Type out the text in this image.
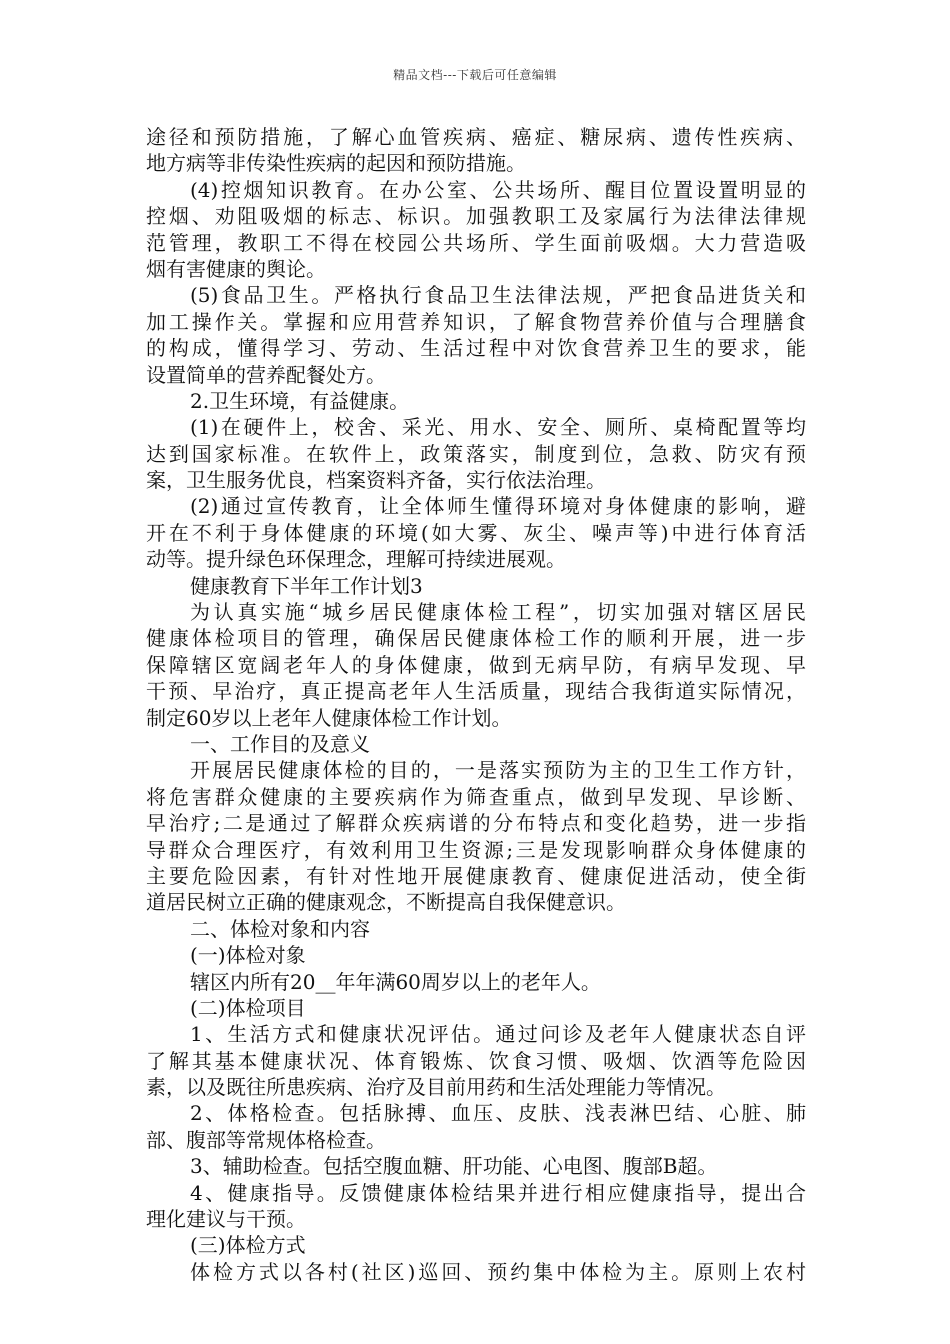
精品文档---下载后可任意编辑
途径和预防措施，了解心血管疾病、癌症、糖尿病、遗传性疾病、
地方病等非传染性疾病的起因和预防措施。
(4)控烟知识教育。在办公室、公共场所、醒目位置设置明显的
控烟、劝阻吸烟的标志、标识。加强教职工及家属行为法律法律规
范管理，教职工不得在校园公共场所、学生面前吸烟。大力营造吸
烟有害健康的舆论。
(5)食品卫生。严格执行食品卫生法律法规，严把食品进货关和
加工操作关。掌握和应用营养知识，了解食物营养价值与合理膳食
的构成，懂得学习、劳动、生活过程中对饮食营养卫生的要求，能
设置简单的营养配餐处方。
2.卫生环境，有益健康。
(1)在硬件上，校舍、采光、用水、安全、厕所、桌椅配置等均
达到国家标准。在软件上，政策落实，制度到位，急救、防灾有预
案，卫生服务优良，档案资料齐备，实行依法治理。
(2)通过宣传教育，让全体师生懂得环境对身体健康的影响，避
开在不利于身体健康的环境(如大雾、灰尘、噪声等)中进行体育活
动等。提升绿色环保理念，理解可持续进展观。
健康教育下半年工作计划3
为认真实施“城乡居民健康体检工程”，切实加强对辖区居民
健康体检项目的管理，确保居民健康体检工作的顺利开展，进一步
保障辖区宽阔老年人的身体健康，做到无病早防，有病早发现、早
干预、早治疗，真正提高老年人生活质量，现结合我街道实际情况，
制定60岁以上老年人健康体检工作计划。
一、工作目的及意义
开展居民健康体检的目的，一是落实预防为主的卫生工作方针，
将危害群众健康的主要疾病作为筛查重点，做到早发现、早诊断、
早治疗;二是通过了解群众疾病谱的分布特点和变化趋势，进一步指
导群众合理医疗，有效利用卫生资源;三是发现影响群众身体健康的
主要危险因素，有针对性地开展健康教育、健康促进活动，使全街
道居民树立正确的健康观念，不断提高自我保健意识。
二、体检对象和内容
(一)体检对象
辖区内所有20__年年满60周岁以上的老年人。
(二)体检项目
1、生活方式和健康状况评估。通过问诊及老年人健康状态自评
了解其基本健康状况、体育锻炼、饮食习惯、吸烟、饮酒等危险因
素，以及既往所患疾病、治疗及目前用药和生活处理能力等情况。
2、体格检查。包括脉搏、血压、皮肤、浅表淋巴结、心脏、肺
部、腹部等常规体格检查。
3、辅助检查。包括空腹血糖、肝功能、心电图、腹部B超。
4、健康指导。反馈健康体检结果并进行相应健康指导，提出合
理化建议与干预。
(三)体检方式
体检方式以各村(社区)巡回、预约集中体检为主。原则上农村
